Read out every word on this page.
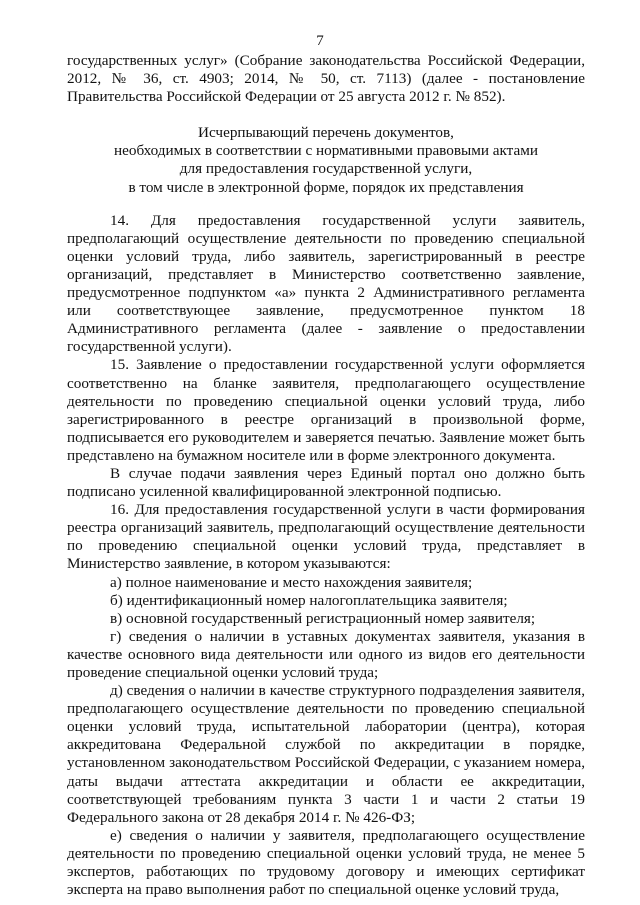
7

государственных услуг» (Собрание законодательства Российской Федерации, 2012, № 36, ст. 4903; 2014, № 50, ст. 7113) (далее - постановление Правительства Российской Федерации от 25 августа 2012 г. № 852).

Исчерпывающий перечень документов,
необходимых в соответствии с нормативными правовыми актами
для предоставления государственной услуги,
в том числе в электронной форме, порядок их представления

14. Для предоставления государственной услуги заявитель, предполагающий осуществление деятельности по проведению специальной оценки условий труда, либо заявитель, зарегистрированный в реестре организаций, представляет в Министерство соответственно заявление, предусмотренное подпунктом «а» пункта 2 Административного регламента или соответствующее заявление, предусмотренное пунктом 18 Административного регламента (далее - заявление о предоставлении государственной услуги).

15. Заявление о предоставлении государственной услуги оформляется соответственно на бланке заявителя, предполагающего осуществление деятельности по проведению специальной оценки условий труда, либо зарегистрированного в реестре организаций в произвольной форме, подписывается его руководителем и заверяется печатью. Заявление может быть представлено на бумажном носителе или в форме электронного документа.

В случае подачи заявления через Единый портал оно должно быть подписано усиленной квалифицированной электронной подписью.

16. Для предоставления государственной услуги в части формирования реестра организаций заявитель, предполагающий осуществление деятельности по проведению специальной оценки условий труда, представляет в Министерство заявление, в котором указываются:

а) полное наименование и место нахождения заявителя;

б) идентификационный номер налогоплательщика заявителя;

в) основной государственный регистрационный номер заявителя;

г) сведения о наличии в уставных документах заявителя, указания в качестве основного вида деятельности или одного из видов его деятельности проведение специальной оценки условий труда;

д) сведения о наличии в качестве структурного подразделения заявителя, предполагающего осуществление деятельности по проведению специальной оценки условий труда, испытательной лаборатории (центра), которая аккредитована Федеральной службой по аккредитации в порядке, установленном законодательством Российской Федерации, с указанием номера, даты выдачи аттестата аккредитации и области ее аккредитации, соответствующей требованиям пункта 3 части 1 и части 2 статьи 19 Федерального закона от 28 декабря 2014 г. № 426-ФЗ;

е) сведения о наличии у заявителя, предполагающего осуществление деятельности по проведению специальной оценки условий труда, не менее 5 экспертов, работающих по трудовому договору и имеющих сертификат эксперта на право выполнения работ по специальной оценке условий труда,
